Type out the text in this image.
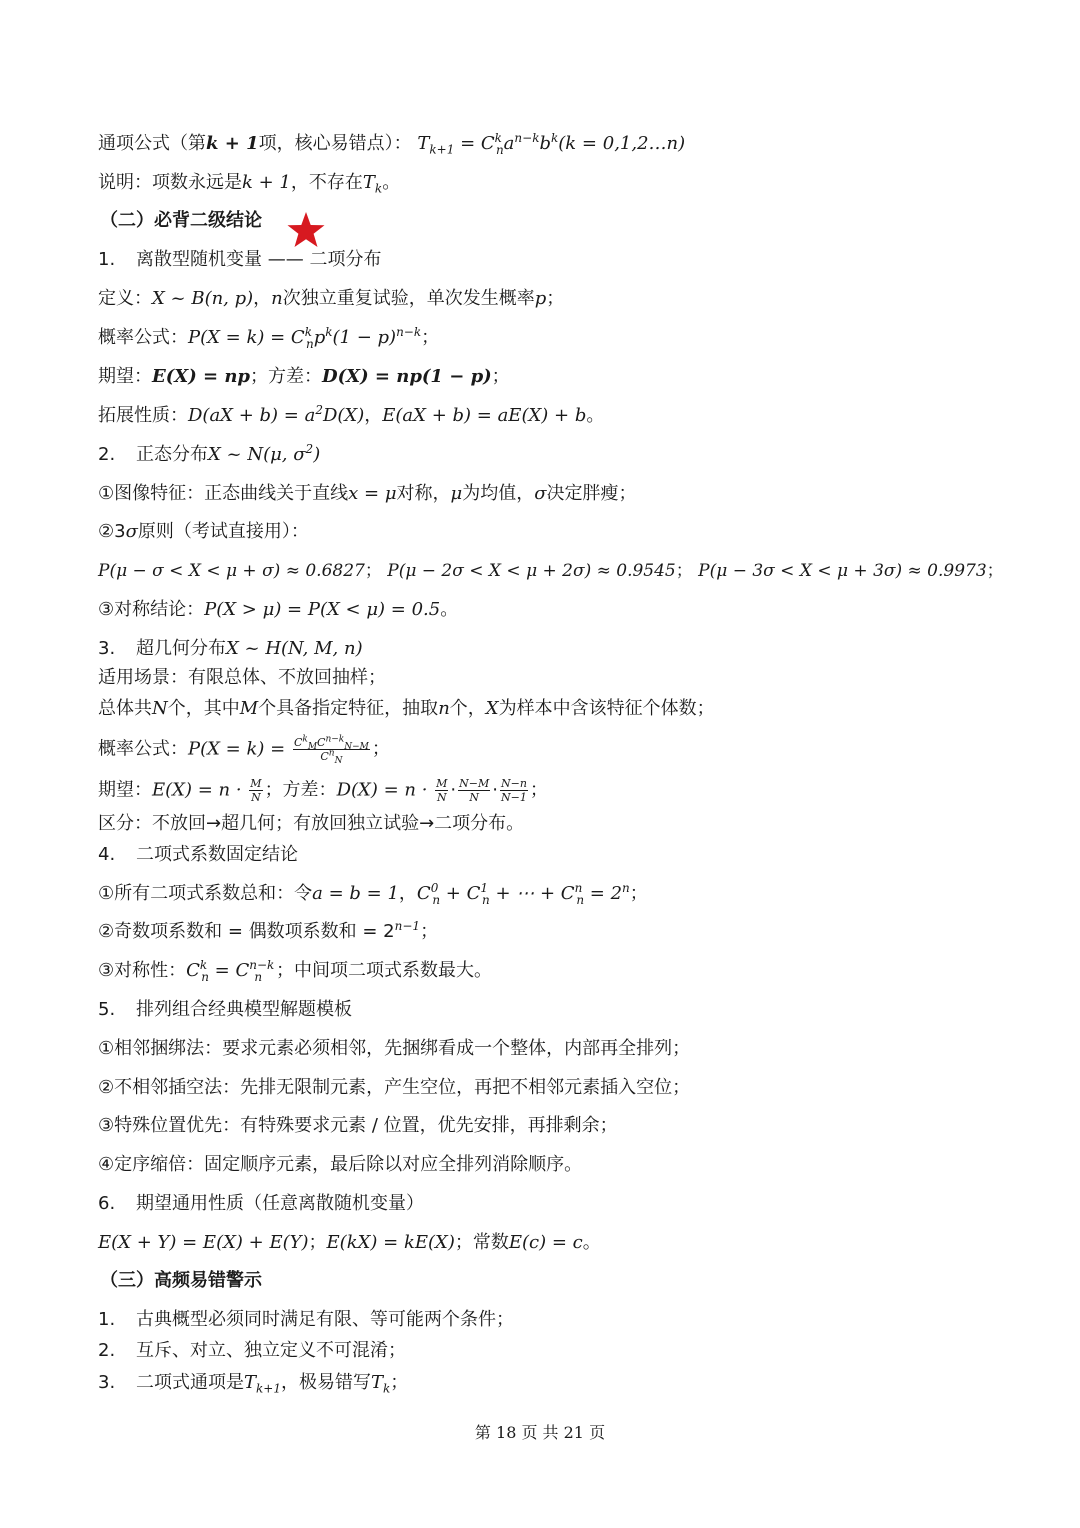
通项公式（第k + 1项，核心易错点）： $T_{k+1} = C^k_na^{n-k}b^k(k$ = 0,1,2…n)
说明：项数永远是k + 1，不存在$T_k$。
（二）必背二级结论
1. 离散型随机变量 —— 二项分布
定义：X ~ B(n, p)，n次独立重复试验，单次发生概率p；
概率公式：$P(X = k) = C^k_np^k(1 - p)^{n-k}$；
期望：E(X) = np；方差：D(X) = np(1 − p)；
拓展性质：$D(aX + b) = a^2D(X)$，E(aX + b) = aE(X) + b。
2. 正态分布X ~ N(μ, $\sigma^2$)
①图像特征：正态曲线关于直线x = μ对称，μ为均值，σ决定胖瘦；
②3σ原则（考试直接用）：
P(μ − σ < X < μ + σ) ≈ 0.6827； P(μ − 2σ < X < μ + 2σ) ≈ 0.9545； P(μ − 3σ < X < μ + 3σ) ≈ 0.9973；
③对称结论：P(X > μ) = P(X < μ) = 0.5。
3. 超几何分布X ~ H(N, M, n)
适用场景：有限总体、不放回抽样；
总体共N个，其中M个具备指定特征，抽取n个，X为样本中含该特征个体数；
概率公式：$P(X = k) = \frac{C^k_MC^{n-k}_{N-M}}{C^n_N}$ ；
期望：$E(X) = n \cdot \frac{M}{N}$ ；方差：$D(X) = n \cdot \frac{M}{N} \cdot \frac{N-M}{N} \cdot \frac{N-n}{N-1}$ ；
区分：不放回→超几何；有放回独立试验→二项分布。
4. 二项式系数固定结论
①所有二项式系数总和：令a = b = 1，$C^0_n + C^1_n$ + ⋯ + $C^n_n = 2^n$；
②奇数项系数和 = 偶数项系数和 = $2^{n-1}$；
③对称性：$C^k_n = C^{n-k}_n$ ；中间项二项式系数最大。
5. 排列组合经典模型解题模板
①相邻捆绑法：要求元素必须相邻，先捆绑看成一个整体，内部再全排列；
②不相邻插空法：先排无限制元素，产生空位，再把不相邻元素插入空位；
③特殊位置优先：有特殊要求元素 / 位置，优先安排，再排剩余；
④定序缩倍：固定顺序元素，最后除以对应全排列消除顺序。
6. 期望通用性质（任意离散随机变量）
E(X + Y) = E(X) + E(Y)；E(kX) = kE(X)；常数E(c) = c。
（三）高频易错警示
1. 古典概型必须同时满足有限、等可能两个条件；
2. 互斥、对立、独立定义不可混淆；
3. 二项式通项是$T_{k+1}$，极易错写$T_k$；
第 18 页 共 21 页
